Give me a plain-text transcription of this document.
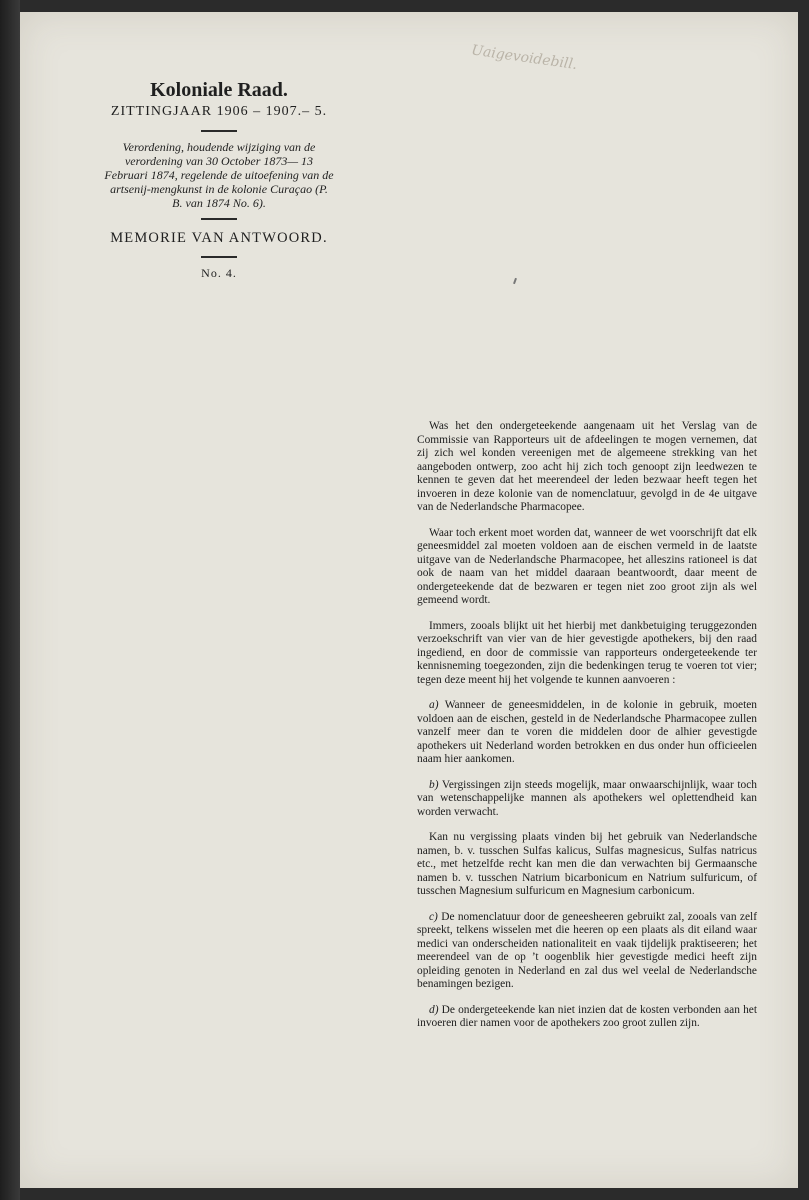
Uaigevoidebill.

Koloniale Raad.

ZITTINGJAAR 1906 – 1907.– 5.

Verordening, houdende wijziging van de verordening van 30 October 1873— 13 Februari 1874, regelende de uitoefening van de artsenij-mengkunst in de kolonie Curaçao (P. B. van 1874 No. 6).

MEMORIE VAN ANTWOORD.

No. 4.

Was het den ondergeteekende aangenaam uit het Verslag van de Commissie van Rapporteurs uit de afdeelingen te mogen vernemen, dat zij zich wel konden vereenigen met de algemeene strekking van het aangeboden ontwerp, zoo acht hij zich toch genoopt zijn leedwezen te kennen te geven dat het meerendeel der leden bezwaar heeft tegen het invoeren in deze kolonie van de nomenclatuur, gevolgd in de 4e uitgave van de Nederlandsche Pharmacopee.

Waar toch erkent moet worden dat, wanneer de wet voorschrijft dat elk geneesmiddel zal moeten voldoen aan de eischen vermeld in de laatste uitgave van de Nederlandsche Pharmacopee, het alleszins rationeel is dat ook de naam van het middel daaraan beantwoordt, daar meent de ondergeteekende dat de bezwaren er tegen niet zoo groot zijn als wel gemeend wordt.

Immers, zooals blijkt uit het hierbij met dankbetuiging teruggezonden verzoekschrift van vier van de hier gevestigde apothekers, bij den raad ingediend, en door de commissie van rapporteurs ondergeteekende ter kennisneming toegezonden, zijn die bedenkingen terug te voeren tot vier; tegen deze meent hij het volgende te kunnen aanvoeren :

a) Wanneer de geneesmiddelen, in de kolonie in gebruik, moeten voldoen aan de eischen, gesteld in de Nederlandsche Pharmacopee zullen vanzelf meer dan te voren die middelen door de alhier gevestigde apothekers uit Nederland worden betrokken en dus onder hun officieelen naam hier aankomen.

b) Vergissingen zijn steeds mogelijk, maar onwaarschijnlijk, waar toch van wetenschappelijke mannen als apothekers wel oplettendheid kan worden verwacht.

Kan nu vergissing plaats vinden bij het gebruik van Nederlandsche namen, b. v. tusschen Sulfas kalicus, Sulfas magnesicus, Sulfas natricus etc., met hetzelfde recht kan men die dan verwachten bij Germaansche namen b. v. tusschen Natrium bicarbonicum en Natrium sulfuricum, of tusschen Magnesium sulfuricum en Magnesium carbonicum.

c) De nomenclatuur door de geneesheeren gebruikt zal, zooals van zelf spreekt, telkens wisselen met die heeren op een plaats als dit eiland waar medici van onderscheiden nationaliteit en vaak tijdelijk praktiseeren; het meerendeel van de op ’t oogenblik hier gevestigde medici heeft zijn opleiding genoten in Nederland en zal dus wel veelal de Nederlandsche benamingen bezigen.

d) De ondergeteekende kan niet inzien dat de kosten verbonden aan het invoeren dier namen voor de apothekers zoo groot zullen zijn.
